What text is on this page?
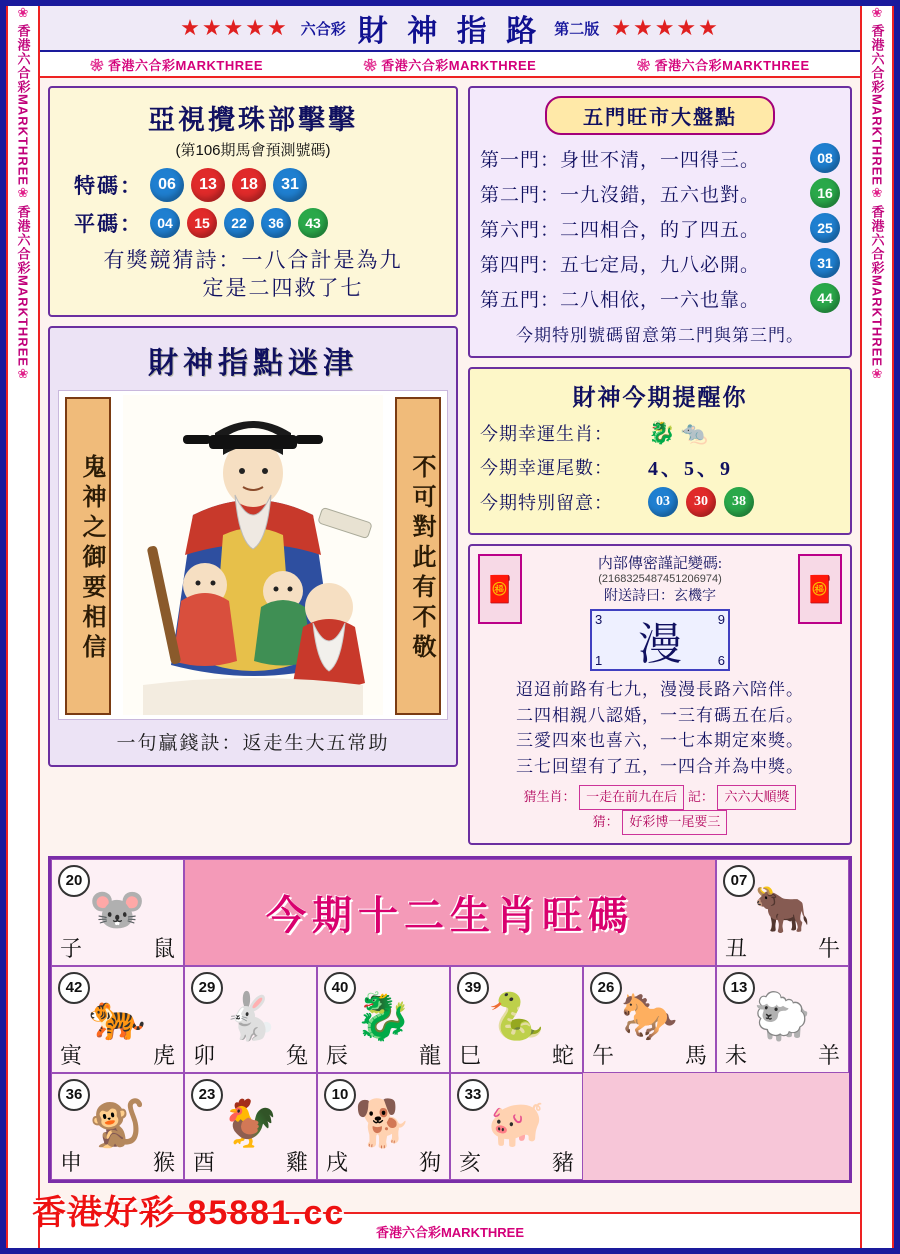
❀
香港六合彩MARKTHREE
❀
香港六合彩MARKTHREE
❀
❀
香港六合彩MARKTHREE
❀
香港六合彩MARKTHREE
❀
★★★★★ 六合彩 財 神 指 路 第二版 ★★★★★
❀ 香港六合彩MARKTHREE	❀ 香港六合彩MARKTHREE	❀ 香港六合彩MARKTHREE
亞視攪珠部擊擊
(第106期馬會預測號碼)
特碼： 06	13	18	31
平碼：	04	15	22	36	43
有獎競猜詩：一八合計是為九
定是二四救了七
財神指點迷津
鬼神之御要相信	不可對此有不敬
一句贏錢訣：返走生大五常助
五門旺市大盤點
第一門：身世不清，一四得三。	08
第二門：一九沒錯，五六也對。	16
第六門：二四相合，的了四五。	25
第四門：五七定局，九八必開。	31
第五門：二八相依，一六也靠。	44
今期特別號碼留意第二門與第三門。
財神今期提醒你
今期幸運生肖：	🐉 🐀
今期幸運尾數：	4、5、9
今期特別留意：	03	30	38
🧧	🧧
内部傳密謹記變碼:
(2168325487451206974)
附送詩曰：玄機字
3	9
1	6
漫
迢迢前路有七九，漫漫長路六陪伴。
二四相親八認婚，一三有碼五在后。
三愛四來也喜六，一七本期定來獎。
三七回望有了五，一四合并為中獎。
猜生肖： 一走在前九在后 記： 六六大順獎
猜： 好彩博一尾要三
20
🐭
子	鼠
今期十二生肖旺碼
07
🐂
丑	牛
42
🐅
寅	虎
29
🐇
卯	兔
40
🐉
辰	龍
39
🐍
巳	蛇
26
🐎
午	馬
13
🐑
未	羊
36
🐒
申	猴
23
🐓
酉	雞
10
🐕
戌	狗
33
🐖
亥	豬
香港六合彩MARKTHREE
香港好彩 85881.cc
